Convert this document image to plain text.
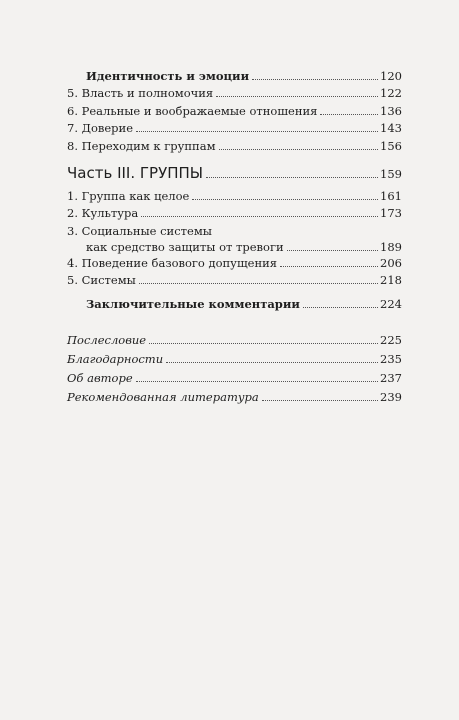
Идентичность и эмоции	120
5. Власть и полномочия	122
6. Реальные и воображаемые отношения	136
7. Доверие	143
8. Переходим к группам	156
Часть III. ГРУППЫ	159
1. Группа как целое	161
2. Культура	173
3. Социальные системы
как средство защиты от тревоги	189
4. Поведение базового допущения	206
5. Системы	218
Заключительные комментарии	224
Послесловие	225
Благодарности	235
Об авторе	237
Рекомендованная литература	239
